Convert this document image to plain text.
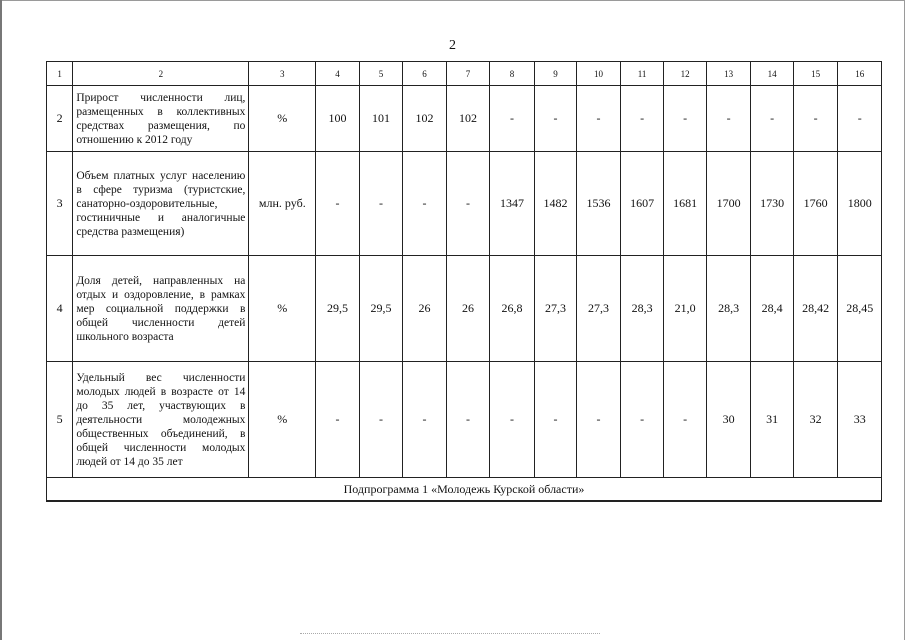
2
1	2	3	4	5	6	7	8	9	10	11	12	13	14	15	16
2	Прирост численности лиц, размещенных в коллективных средствах размещения, по отношению к 2012 году	%	100	101	102	102	-	-	-	-	-	-	-	-	-
3	Объем платных услуг населению в сфере туризма (туристские, санаторно-оздоровительные, гостиничные и аналогичные средства размещения)	млн. руб.	-	-	-	-	1347	1482	1536	1607	1681	1700	1730	1760	1800
4	Доля детей, направленных на отдых и оздоровление, в рамках мер социальной поддержки в общей численности детей школьного возраста	%	29,5	29,5	26	26	26,8	27,3	27,3	28,3	21,0	28,3	28,4	28,42	28,45
5	Удельный вес численности молодых людей в возрасте от 14 до 35 лет, участвующих в деятельности молодежных общественных объединений, в общей численности молодых людей от 14 до 35 лет	%	-	-	-	-	-	-	-	-	-	30	31	32	33
Подпрограмма 1 «Молодежь Курской области»															
